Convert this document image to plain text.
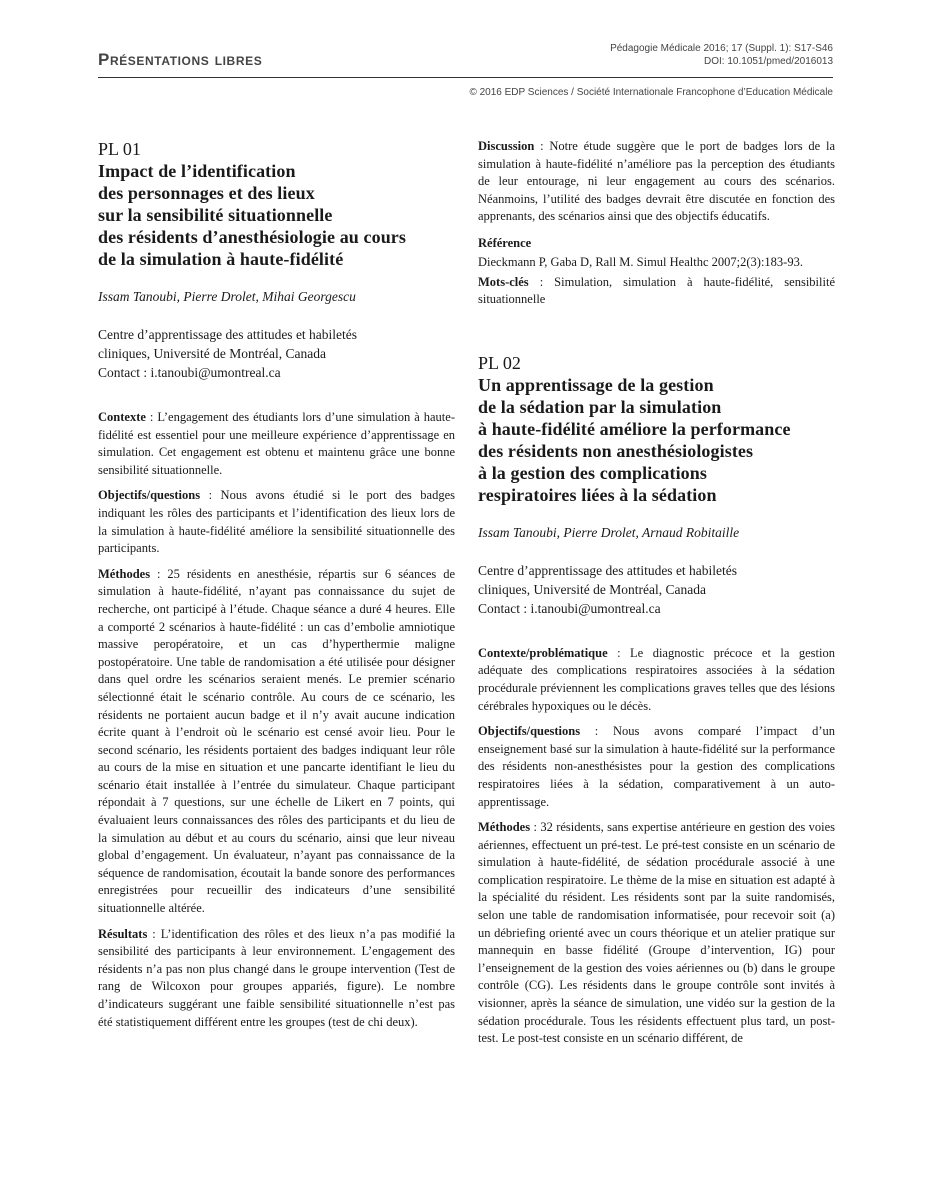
Présentations libres
Pédagogie Médicale 2016; 17 (Suppl. 1): S17-S46
DOI: 10.1051/pmed/2016013
© 2016 EDP Sciences / Société Internationale Francophone d’Education Médicale
PL 01
Impact de l’identification
des personnages et des lieux
sur la sensibilité situationnelle
des résidents d’anesthésiologie au cours
de la simulation à haute-fidélité
Issam Tanoubi, Pierre Drolet, Mihai Georgescu
Centre d’apprentissage des attitudes et habiletés
cliniques, Université de Montréal, Canada
Contact : i.tanoubi@umontreal.ca

Contexte : L’engagement des étudiants lors d’une simulation à haute-fidélité est essentiel pour une meilleure expérience d’apprentissage en simulation. Cet engagement est obtenu et maintenu grâce une bonne sensibilité situationnelle.

Objectifs/questions : Nous avons étudié si le port des badges indiquant les rôles des participants et l’identification des lieux lors de la simulation à haute-fidélité améliore la sensibilité situationnelle des participants.

Méthodes : 25 résidents en anesthésie, répartis sur 6 séances de simulation à haute-fidélité, n’ayant pas connaissance du sujet de recherche, ont participé à l’étude. Chaque séance a duré 4 heures. Elle a comporté 2 scénarios à haute-fidélité : un cas d’embolie amniotique massive peropératoire, et un cas d’hyperthermie maligne postopératoire. Une table de randomisation a été utilisée pour désigner dans quel ordre les scénarios seraient menés. Le premier scénario sélectionné était le scénario contrôle. Au cours de ce scénario, les résidents ne portaient aucun badge et il n’y avait aucune indication écrite quant à l’endroit où le scénario est censé avoir lieu. Pour le second scénario, les résidents portaient des badges indiquant leur rôle au cours de la mise en situation et une pancarte identifiant le lieu du scénario était installée à l’entrée du simulateur. Chaque participant répondait à 7 questions, sur une échelle de Likert en 7 points, qui évaluaient leurs connaissances des rôles des participants et du lieu de la simulation au début et au cours du scénario, ainsi que leur niveau global d’engagement. Un évaluateur, n’ayant pas connaissance de la séquence de randomisation, écoutait la bande sonore des performances enregistrées pour recueillir des indicateurs d’une sensibilité situationnelle altérée.

Résultats : L’identification des rôles et des lieux n’a pas modifié la sensibilité des participants à leur environnement. L’engagement des résidents n’a pas non plus changé dans le groupe intervention (Test de rang de Wilcoxon pour groupes appariés, figure). Le nombre d’indicateurs suggérant une faible sensibilité situationnelle n’est pas été statistiquement différent entre les groupes (test de chi deux).

Discussion : Notre étude suggère que le port de badges lors de la simulation à haute-fidélité n’améliore pas la perception des étudiants de leur entourage, ni leur engagement au cours des scénarios. Néanmoins, l’utilité des badges devrait être discutée en fonction des apprenants, des scénarios ainsi que des objectifs éducatifs.

Référence

Dieckmann P, Gaba D, Rall M. Simul Healthc 2007;2(3):183-93.

Mots-clés : Simulation, simulation à haute-fidélité, sensibilité situationnelle

PL 02
Un apprentissage de la gestion
de la sédation par la simulation
à haute-fidélité améliore la performance
des résidents non anesthésiologistes
à la gestion des complications
respiratoires liées à la sédation
Issam Tanoubi, Pierre Drolet, Arnaud Robitaille
Centre d’apprentissage des attitudes et habiletés
cliniques, Université de Montréal, Canada
Contact : i.tanoubi@umontreal.ca

Contexte/problématique : Le diagnostic précoce et la gestion adéquate des complications respiratoires associées à la sédation procédurale préviennent les complications graves telles que des lésions cérébrales hypoxiques ou le décès.

Objectifs/questions : Nous avons comparé l’impact d’un enseignement basé sur la simulation à haute-fidélité sur la performance des résidents non-anesthésistes pour la gestion des complications respiratoires liées à la sédation, comparativement à un auto-apprentissage.

Méthodes : 32 résidents, sans expertise antérieure en gestion des voies aériennes, effectuent un pré-test. Le pré-test consiste en un scénario de simulation à haute-fidélité, de sédation procédurale associé à une complication respiratoire. Le thème de la mise en situation est adapté à la spécialité du résident. Les résidents sont par la suite randomisés, selon une table de randomisation informatisée, pour recevoir soit (a) un débriefing orienté avec un cours théorique et un atelier pratique sur mannequin en basse fidélité (Groupe d’intervention, IG) pour l’enseignement de la gestion des voies aériennes ou (b) dans le groupe contrôle (CG). Les résidents dans le groupe contrôle sont invités à visionner, après la séance de simulation, une vidéo sur la gestion de la sédation procédurale. Tous les résidents effectuent plus tard, un post-test. Le post-test consiste en un scénario différent, de
